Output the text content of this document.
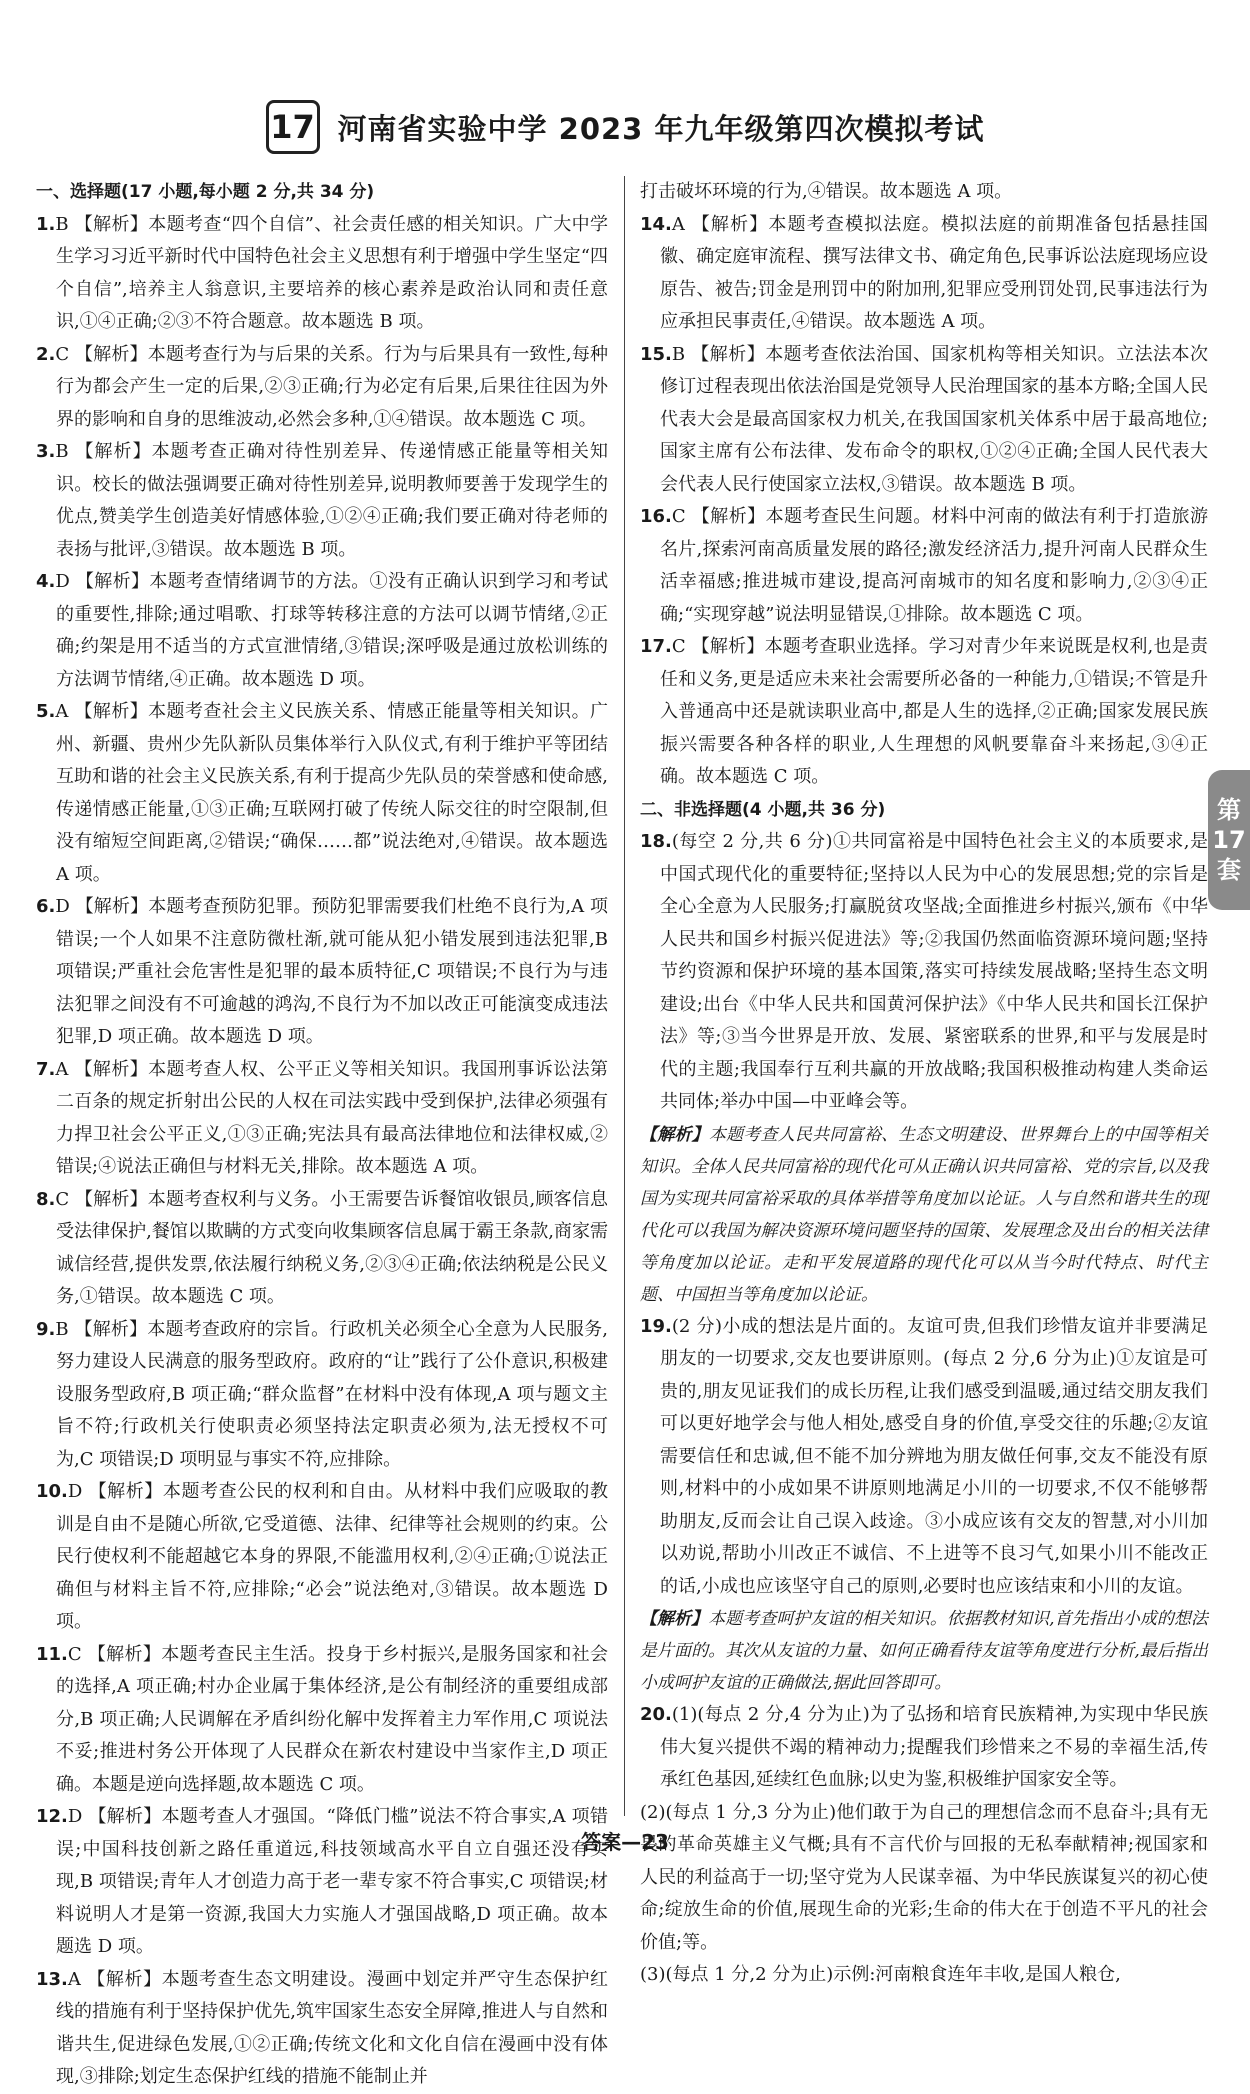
17 河南省实验中学 2023 年九年级第四次模拟考试
一、选择题(17 小题,每小题 2 分,共 34 分)

1.B 【解析】本题考查“四个自信”、社会责任感的相关知识。广大中学生学习习近平新时代中国特色社会主义思想有利于增强中学生坚定“四个自信”,培养主人翁意识,主要培养的核心素养是政治认同和责任意识,①④正确;②③不符合题意。故本题选 B 项。

2.C 【解析】本题考查行为与后果的关系。行为与后果具有一致性,每种行为都会产生一定的后果,②③正确;行为必定有后果,后果往往因为外界的影响和自身的思维波动,必然会多种,①④错误。故本题选 C 项。

3.B 【解析】本题考查正确对待性别差异、传递情感正能量等相关知识。校长的做法强调要正确对待性别差异,说明教师要善于发现学生的优点,赞美学生创造美好情感体验,①②④正确;我们要正确对待老师的表扬与批评,③错误。故本题选 B 项。

4.D 【解析】本题考查情绪调节的方法。①没有正确认识到学习和考试的重要性,排除;通过唱歌、打球等转移注意的方法可以调节情绪,②正确;约架是用不适当的方式宣泄情绪,③错误;深呼吸是通过放松训练的方法调节情绪,④正确。故本题选 D 项。

5.A 【解析】本题考查社会主义民族关系、情感正能量等相关知识。广州、新疆、贵州少先队新队员集体举行入队仪式,有利于维护平等团结互助和谐的社会主义民族关系,有利于提高少先队员的荣誉感和使命感,传递情感正能量,①③正确;互联网打破了传统人际交往的时空限制,但没有缩短空间距离,②错误;“确保……都”说法绝对,④错误。故本题选 A 项。

6.D 【解析】本题考查预防犯罪。预防犯罪需要我们杜绝不良行为,A 项错误;一个人如果不注意防微杜渐,就可能从犯小错发展到违法犯罪,B 项错误;严重社会危害性是犯罪的最本质特征,C 项错误;不良行为与违法犯罪之间没有不可逾越的鸿沟,不良行为不加以改正可能演变成违法犯罪,D 项正确。故本题选 D 项。

7.A 【解析】本题考查人权、公平正义等相关知识。我国刑事诉讼法第二百条的规定折射出公民的人权在司法实践中受到保护,法律必须强有力捍卫社会公平正义,①③正确;宪法具有最高法律地位和法律权威,②错误;④说法正确但与材料无关,排除。故本题选 A 项。

8.C 【解析】本题考查权利与义务。小王需要告诉餐馆收银员,顾客信息受法律保护,餐馆以欺瞒的方式变向收集顾客信息属于霸王条款,商家需诚信经营,提供发票,依法履行纳税义务,②③④正确;依法纳税是公民义务,①错误。故本题选 C 项。

9.B 【解析】本题考查政府的宗旨。行政机关必须全心全意为人民服务,努力建设人民满意的服务型政府。政府的“让”践行了公仆意识,积极建设服务型政府,B 项正确;“群众监督”在材料中没有体现,A 项与题文主旨不符;行政机关行使职责必须坚持法定职责必须为,法无授权不可为,C 项错误;D 项明显与事实不符,应排除。

10.D 【解析】本题考查公民的权利和自由。从材料中我们应吸取的教训是自由不是随心所欲,它受道德、法律、纪律等社会规则的约束。公民行使权利不能超越它本身的界限,不能滥用权利,②④正确;①说法正确但与材料主旨不符,应排除;“必会”说法绝对,③错误。故本题选 D 项。

11.C 【解析】本题考查民主生活。投身于乡村振兴,是服务国家和社会的选择,A 项正确;村办企业属于集体经济,是公有制经济的重要组成部分,B 项正确;人民调解在矛盾纠纷化解中发挥着主力军作用,C 项说法不妥;推进村务公开体现了人民群众在新农村建设中当家作主,D 项正确。本题是逆向选择题,故本题选 C 项。

12.D 【解析】本题考查人才强国。“降低门槛”说法不符合事实,A 项错误;中国科技创新之路任重道远,科技领域高水平自立自强还没有实现,B 项错误;青年人才创造力高于老一辈专家不符合事实,C 项错误;材料说明人才是第一资源,我国大力实施人才强国战略,D 项正确。故本题选 D 项。

13.A 【解析】本题考查生态文明建设。漫画中划定并严守生态保护红线的措施有利于坚持保护优先,筑牢国家生态安全屏障,推进人与自然和谐共生,促进绿色发展,①②正确;传统文化和文化自信在漫画中没有体现,③排除;划定生态保护红线的措施不能制止并

打击破坏环境的行为,④错误。故本题选 A 项。

14.A 【解析】本题考查模拟法庭。模拟法庭的前期准备包括悬挂国徽、确定庭审流程、撰写法律文书、确定角色,民事诉讼法庭现场应设原告、被告;罚金是刑罚中的附加刑,犯罪应受刑罚处罚,民事违法行为应承担民事责任,④错误。故本题选 A 项。

15.B 【解析】本题考查依法治国、国家机构等相关知识。立法法本次修订过程表现出依法治国是党领导人民治理国家的基本方略;全国人民代表大会是最高国家权力机关,在我国国家机关体系中居于最高地位;国家主席有公布法律、发布命令的职权,①②④正确;全国人民代表大会代表人民行使国家立法权,③错误。故本题选 B 项。

16.C 【解析】本题考查民生问题。材料中河南的做法有利于打造旅游名片,探索河南高质量发展的路径;激发经济活力,提升河南人民群众生活幸福感;推进城市建设,提高河南城市的知名度和影响力,②③④正确;“实现穿越”说法明显错误,①排除。故本题选 C 项。

17.C 【解析】本题考查职业选择。学习对青少年来说既是权利,也是责任和义务,更是适应未来社会需要所必备的一种能力,①错误;不管是升入普通高中还是就读职业高中,都是人生的选择,②正确;国家发展民族振兴需要各种各样的职业,人生理想的风帆要靠奋斗来扬起,③④正确。故本题选 C 项。

二、非选择题(4 小题,共 36 分)

18.(每空 2 分,共 6 分)①共同富裕是中国特色社会主义的本质要求,是中国式现代化的重要特征;坚持以人民为中心的发展思想;党的宗旨是全心全意为人民服务;打赢脱贫攻坚战;全面推进乡村振兴,颁布《中华人民共和国乡村振兴促进法》等;②我国仍然面临资源环境问题;坚持节约资源和保护环境的基本国策,落实可持续发展战略;坚持生态文明建设;出台《中华人民共和国黄河保护法》《中华人民共和国长江保护法》等;③当今世界是开放、发展、紧密联系的世界,和平与发展是时代的主题;我国奉行互利共赢的开放战略;我国积极推动构建人类命运共同体;举办中国—中亚峰会等。

【解析】本题考查人民共同富裕、生态文明建设、世界舞台上的中国等相关知识。全体人民共同富裕的现代化可从正确认识共同富裕、党的宗旨,以及我国为实现共同富裕采取的具体举措等角度加以论证。人与自然和谐共生的现代化可以我国为解决资源环境问题坚持的国策、发展理念及出台的相关法律等角度加以论证。走和平发展道路的现代化可以从当今时代特点、时代主题、中国担当等角度加以论证。

19.(2 分)小成的想法是片面的。友谊可贵,但我们珍惜友谊并非要满足朋友的一切要求,交友也要讲原则。(每点 2 分,6 分为止)①友谊是可贵的,朋友见证我们的成长历程,让我们感受到温暖,通过结交朋友我们可以更好地学会与他人相处,感受自身的价值,享受交往的乐趣;②友谊需要信任和忠诚,但不能不加分辨地为朋友做任何事,交友不能没有原则,材料中的小成如果不讲原则地满足小川的一切要求,不仅不能够帮助朋友,反而会让自己误入歧途。③小成应该有交友的智慧,对小川加以劝说,帮助小川改正不诚信、不上进等不良习气,如果小川不能改正的话,小成也应该坚守自己的原则,必要时也应该结束和小川的友谊。

【解析】本题考查呵护友谊的相关知识。依据教材知识,首先指出小成的想法是片面的。其次从友谊的力量、如何正确看待友谊等角度进行分析,最后指出小成呵护友谊的正确做法,据此回答即可。

20.(1)(每点 2 分,4 分为止)为了弘扬和培育民族精神,为实现中华民族伟大复兴提供不竭的精神动力;提醒我们珍惜来之不易的幸福生活,传承红色基因,延续红色血脉;以史为鉴,积极维护国家安全等。

(2)(每点 1 分,3 分为止)他们敢于为自己的理想信念而不息奋斗;具有无畏的革命英雄主义气概;具有不言代价与回报的无私奉献精神;视国家和人民的利益高于一切;坚守党为人民谋幸福、为中华民族谋复兴的初心使命;绽放生命的价值,展现生命的光彩;生命的伟大在于创造不平凡的社会价值;等。

(3)(每点 1 分,2 分为止)示例:河南粮食连年丰收,是国人粮仓,

第
17
套
答案—23
